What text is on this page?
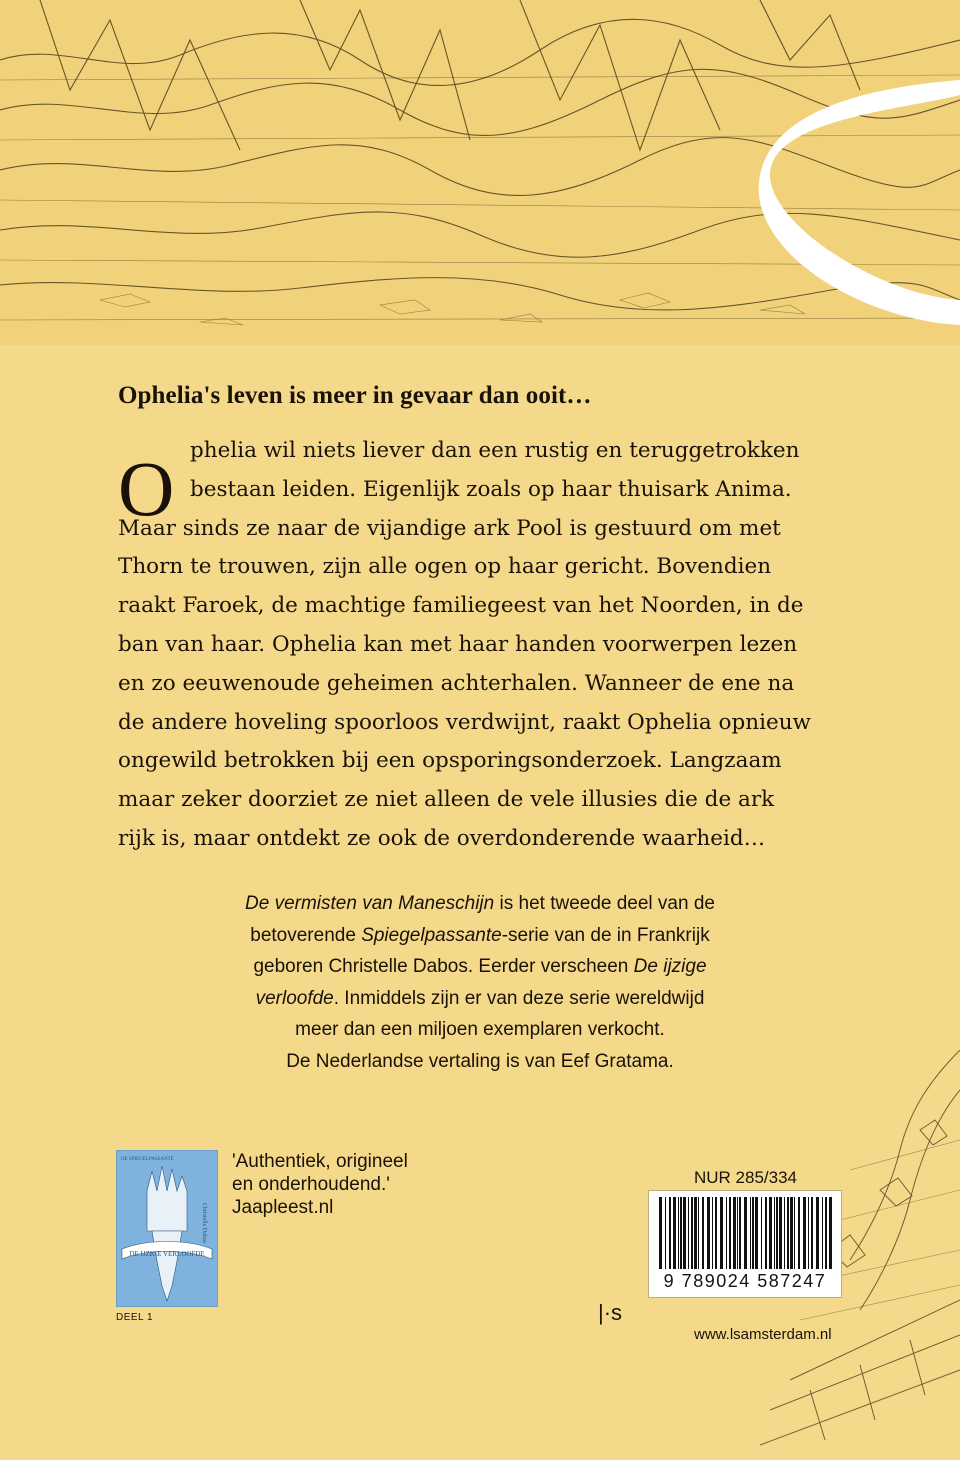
Ophelia's leven is meer in gevaar dan ooit…
O phelia wil niets liever dan een rustig en teruggetrokken
bestaan leiden. Eigenlijk zoals op haar thuisark Anima.
Maar sinds ze naar de vijandige ark Pool is gestuurd om met
Thorn te trouwen, zijn alle ogen op haar gericht. Bovendien
raakt Faroek, de machtige familiegeest van het Noorden, in de
ban van haar. Ophelia kan met haar handen voorwerpen lezen
en zo eeuwenoude geheimen achterhalen. Wanneer de ene na
de andere hoveling spoorloos verdwijnt, raakt Ophelia opnieuw
ongewild betrokken bij een opsporingsonderzoek. Langzaam
maar zeker doorziet ze niet alleen de vele illusies die de ark
rijk is, maar ontdekt ze ook de overdonderende waarheid…
De vermisten van Maneschijn is het tweede deel van de
betoverende Spiegelpassante-serie van de in Frankrijk
geboren Christelle Dabos. Eerder verscheen De ijzige
verloofde. Inmiddels zijn er van deze serie wereldwijd
meer dan een miljoen exemplaren verkocht.
De Nederlandse vertaling is van Eef Gratama.
DE IJZIGE VERLOOFDE
DE SPIEGELPASSANTE
Christelle Dabos
DEEL 1
'Authentiek, origineel
en onderhoudend.'
Jaapleest.nl
NUR 285/334
9 789024 587247
|·s
www.lsamsterdam.nl
